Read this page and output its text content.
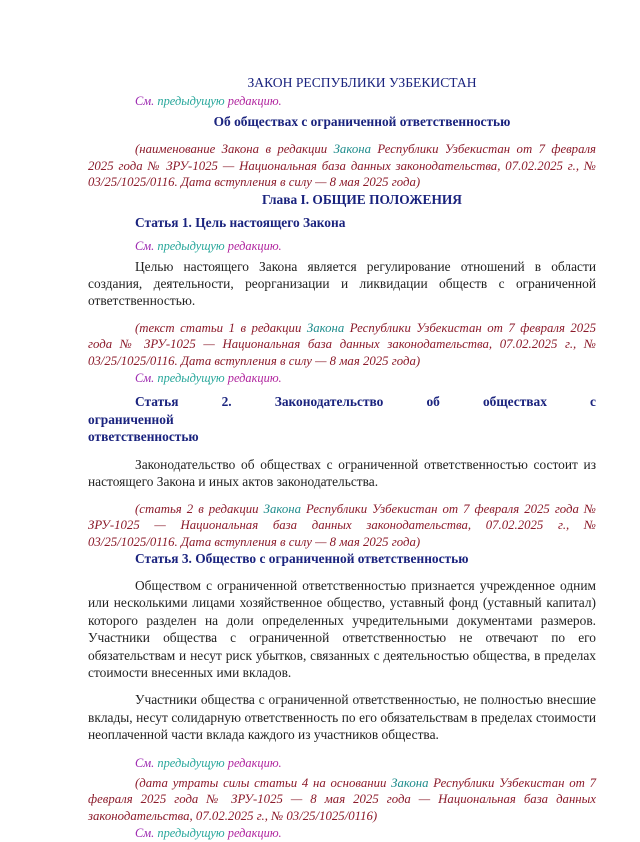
ЗАКОН РЕСПУБЛИКИ УЗБЕКИСТАН

См. предыдущую редакцию.

Об обществах с ограниченной ответственностью

(наименование Закона в редакции Закона Республики Узбекистан от 7 февраля 2025 года № ЗРУ-1025 — Национальная база данных законодательства, 07.02.2025 г., № 03/25/1025/0116. Дата вступления в силу — 8 мая 2025 года)

Глава I. ОБЩИЕ ПОЛОЖЕНИЯ

Статья 1. Цель настоящего Закона

См. предыдущую редакцию.

Целью настоящего Закона является регулирование отношений в области создания, деятельности, реорганизации и ликвидации обществ с ограниченной ответственностью.

(текст статьи 1 в редакции Закона Республики Узбекистан от 7 февраля 2025 года № ЗРУ-1025 — Национальная база данных законодательства, 07.02.2025 г., № 03/25/1025/0116. Дата вступления в силу — 8 мая 2025 года)

См. предыдущую редакцию.

Статья 2. Законодательство об обществах с ограниченной
ответственностью

Законодательство об обществах с ограниченной ответственностью состоит из настоящего Закона и иных актов законодательства.

(статья 2 в редакции Закона Республики Узбекистан от 7 февраля 2025 года № ЗРУ-1025 — Национальная база данных законодательства, 07.02.2025 г., № 03/25/1025/0116. Дата вступления в силу — 8 мая 2025 года)

Статья 3. Общество с ограниченной ответственностью

Обществом с ограниченной ответственностью признается учрежденное одним или несколькими лицами хозяйственное общество, уставный фонд (уставный капитал) которого разделен на доли определенных учредительными документами размеров. Участники общества с ограниченной ответственностью не отвечают по его обязательствам и несут риск убытков, связанных с деятельностью общества, в пределах стоимости внесенных ими вкладов.

Участники общества с ограниченной ответственностью, не полностью внесшие вклады, несут солидарную ответственность по его обязательствам в пределах стоимости неоплаченной части вклада каждого из участников общества.

См. предыдущую редакцию.

(дата утраты силы статьи 4 на основании Закона Республики Узбекистан от 7 февраля 2025 года № ЗРУ-1025 — 8 мая 2025 года — Национальная база данных законодательства, 07.02.2025 г., № 03/25/1025/0116)

См. предыдущую редакцию.
